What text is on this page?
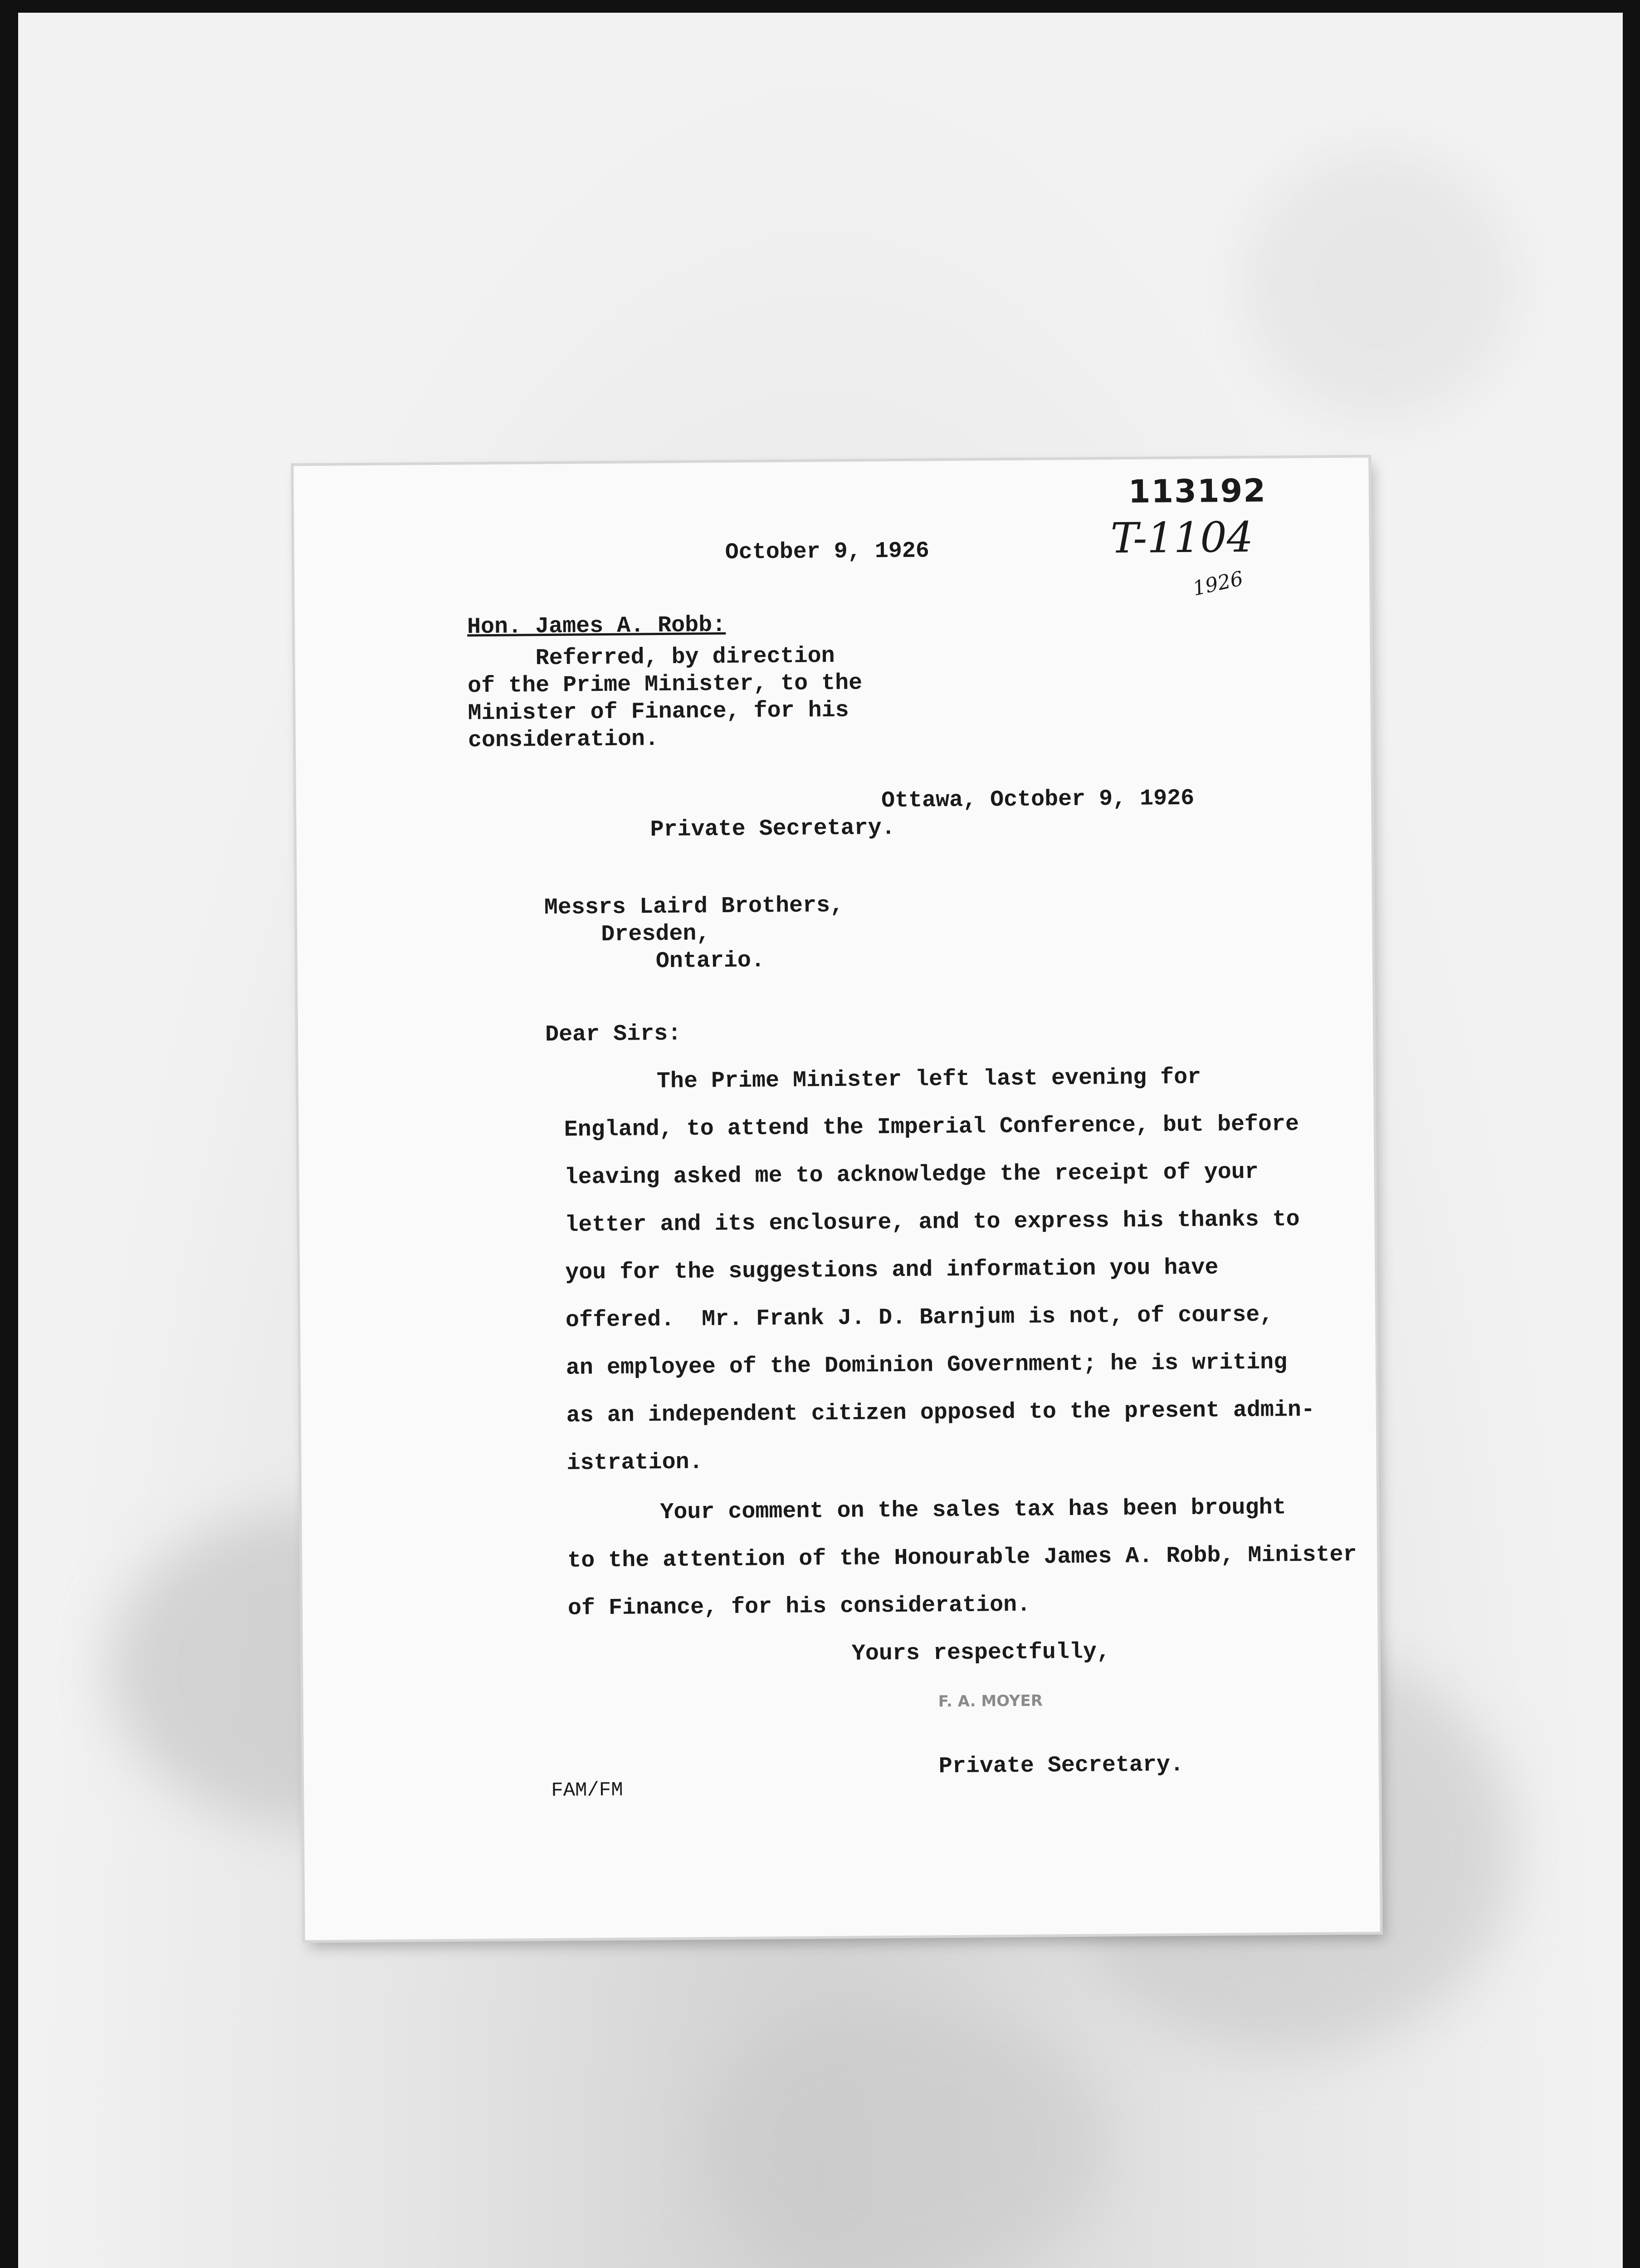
October 9, 1926
113192
T-1104
1926
Hon. James A. Robb:
Referred, by direction
of the Prime Minister, to the
Minister of Finance, for his
consideration.
Ottawa, October 9, 1926
Private Secretary.
Messrs Laird Brothers,
Dresden,
Ontario.
Dear Sirs:
The Prime Minister left last evening for
England, to attend the Imperial Conference, but before
leaving asked me to acknowledge the receipt of your
letter and its enclosure, and to express his thanks to
you for the suggestions and information you have
offered.  Mr. Frank J. D. Barnjum is not, of course,
an employee of the Dominion Government; he is writing
as an independent citizen opposed to the present admin-
istration.
Your comment on the sales tax has been brought
to the attention of the Honourable James A. Robb, Minister
of Finance, for his consideration.
Yours respectfully,
F. A. MOYER
Private Secretary.
FAM/FM
